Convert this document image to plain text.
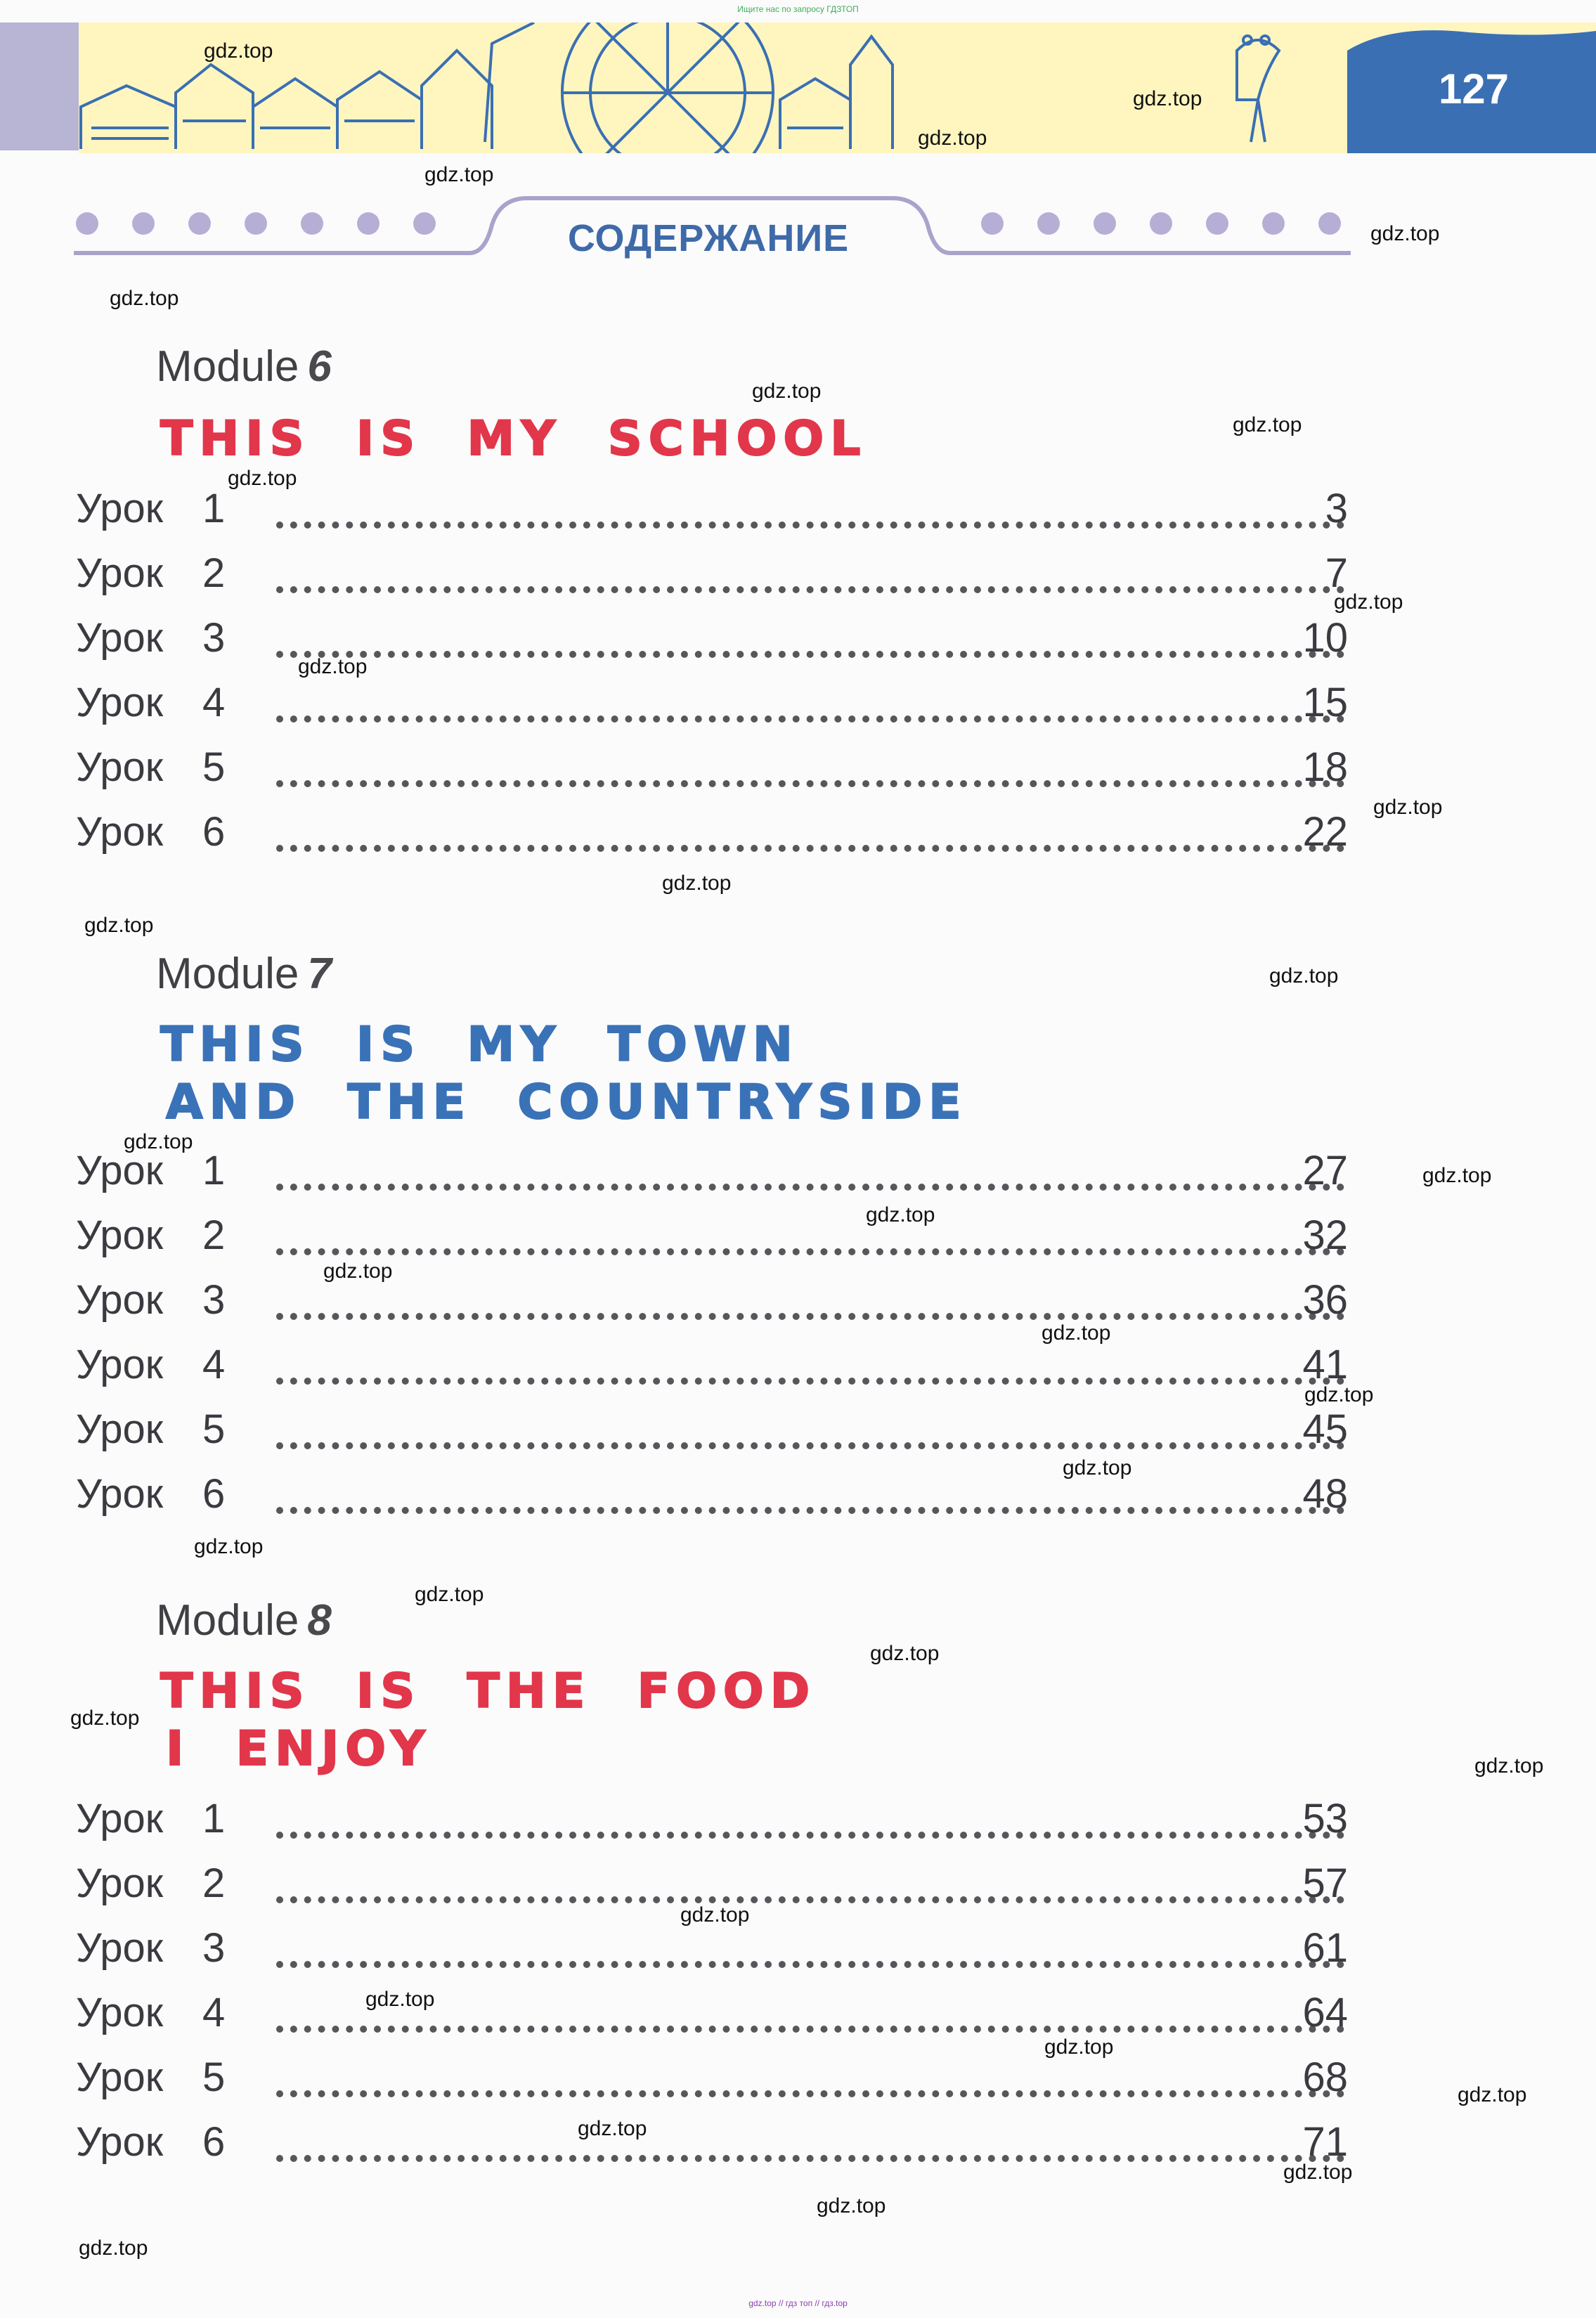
Ищите нас по запросу ГДЗТОП
127
СОДЕРЖАНИЕ
Module 6
THIS  IS  MY  SCHOOL
Урок 1	3
Урок 2	7
Урок 3	10
Урок 4	15
Урок 5	18
Урок 6	22
Module 7
THIS  IS  MY  TOWN
AND  THE  COUNTRYSIDE
Урок 1	27
Урок 2	32
Урок 3	36
Урок 4	41
Урок 5	45
Урок 6	48
Module 8
THIS  IS  THE  FOOD
I  ENJOY
Урок 1	53
Урок 2	57
Урок 3	61
Урок 4	64
Урок 5	68
Урок 6	71
gdz.top
gdz.top
gdz.top
gdz.top
gdz.top
gdz.top
gdz.top
gdz.top
gdz.top
gdz.top
gdz.top
gdz.top
gdz.top
gdz.top
gdz.top
gdz.top
gdz.top
gdz.top
gdz.top
gdz.top
gdz.top
gdz.top
gdz.top
gdz.top
gdz.top
gdz.top
gdz.top
gdz.top
gdz.top
gdz.top
gdz.top
gdz.top
gdz.top
gdz.top
gdz.top
gdz.top // гдз топ // гдз.top
